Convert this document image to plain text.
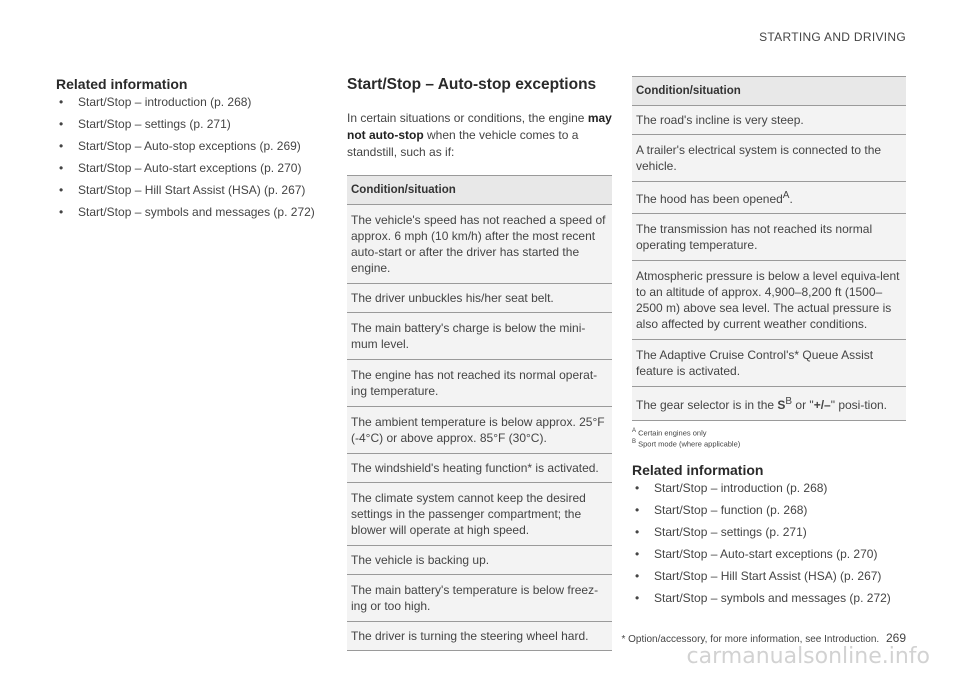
STARTING AND DRIVING
Related information
• Start/Stop – introduction (p. 268)
• Start/Stop – settings (p. 271)
• Start/Stop – Auto-stop exceptions (p. 269)
• Start/Stop – Auto-start exceptions (p. 270)
• Start/Stop – Hill Start Assist (HSA) (p. 267)
• Start/Stop – symbols and messages (p. 272)
Start/Stop – Auto-stop exceptions

In certain situations or conditions, the engine may not auto-stop when the vehicle comes to a standstill, such as if:

Condition/situation
The vehicle's speed has not reached a speed of approx. 6 mph (10 km/h) after the most recent auto-start or after the driver has started the engine.
The driver unbuckles his/her seat belt.
The main battery's charge is below the mini-mum level.
The engine has not reached its normal operat-ing temperature.
The ambient temperature is below approx. 25°F (-4°C) or above approx. 85°F (30°C).
The windshield's heating function* is activated.
The climate system cannot keep the desired settings in the passenger compartment; the blower will operate at high speed.
The vehicle is backing up.
The main battery's temperature is below freez-ing or too high.
The driver is turning the steering wheel hard.
Condition/situation
The road's incline is very steep.
A trailer's electrical system is connected to the vehicle.
The hood has been opened$^A$.
The transmission has not reached its normal operating temperature.
Atmospheric pressure is below a level equiva-lent to an altitude of approx. 4,900–8,200 ft (1500–2500 m) above sea level. The actual pressure is also affected by current weather conditions.
The Adaptive Cruise Control's* Queue Assist feature is activated.
The gear selector is in the $S^B$ or "+/–" posi-tion.
$^A$ Certain engines only
$^B$ Sport mode (where applicable)
Related information
• Start/Stop – introduction (p. 268)
• Start/Stop – function (p. 268)
• Start/Stop – settings (p. 271)
• Start/Stop – Auto-start exceptions (p. 270)
• Start/Stop – Hill Start Assist (HSA) (p. 267)
• Start/Stop – symbols and messages (p. 272)
* Option/accessory, for more information, see Introduction. 269
carmanualsonline.info
